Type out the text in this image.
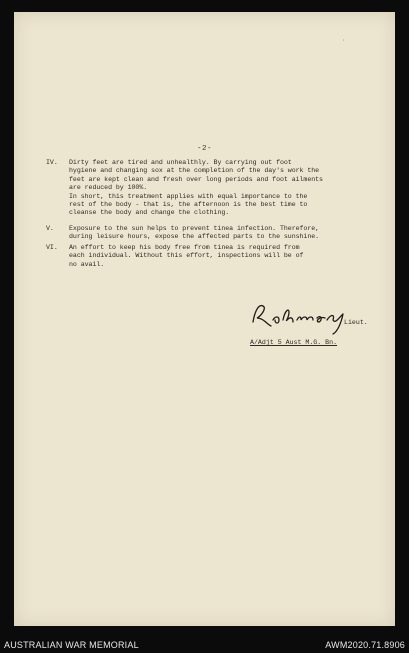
·
-2-
IV.	Dirty feet are tired and unhealthly. By carrying out foot
hygiene and changing sox at the completion of the day's work the
feet are kept clean and fresh over long periods and foot ailments
are reduced by 100%.
In short, this treatment applies with equal importance to the
rest of the body - that is, the afternoon is the best time to
cleanse the body and change the clothing.
V.	Exposure to the sun helps to prevent tinea infection. Therefore,
during leisure hours, expose the affected parts to the sunshine.
VI.	An effort to keep his body free from tinea is required from
each individual. Without this effort, inspections will be of
no avail.
Lieut.
A/Adjt 5 Aust M.G. Bn.
AUSTRALIAN WAR MEMORIAL	AWM2020.71.8906
